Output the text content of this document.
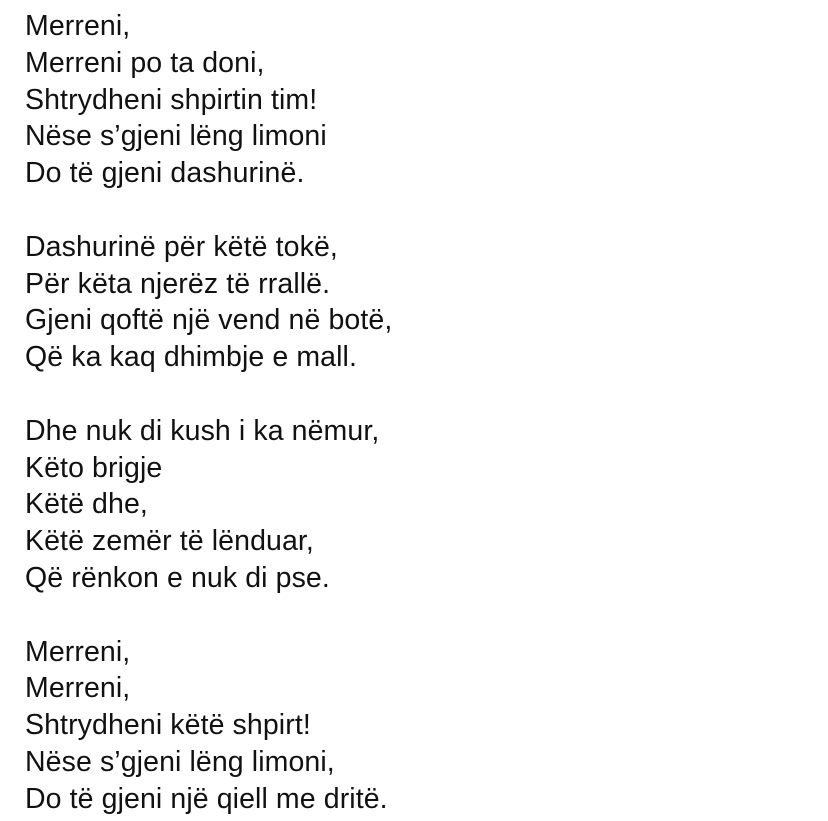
Merreni,
Merreni po ta doni,
Shtrydheni shpirtin tim!
Nëse s’gjeni lëng limoni
Do të gjeni dashurinë.
Dashurinë për këtë tokë,
Për këta njerëz të rrallë.
Gjeni qoftë një vend në botë,
Që ka kaq dhimbje e mall.
Dhe nuk di kush i ka nëmur,
Këto brigje
Këtë dhe,
Këtë zemër të lënduar,
Që rënkon e nuk di pse.
Merreni,
Merreni,
Shtrydheni këtë shpirt!
Nëse s’gjeni lëng limoni,
Do të gjeni një qiell me dritë.
